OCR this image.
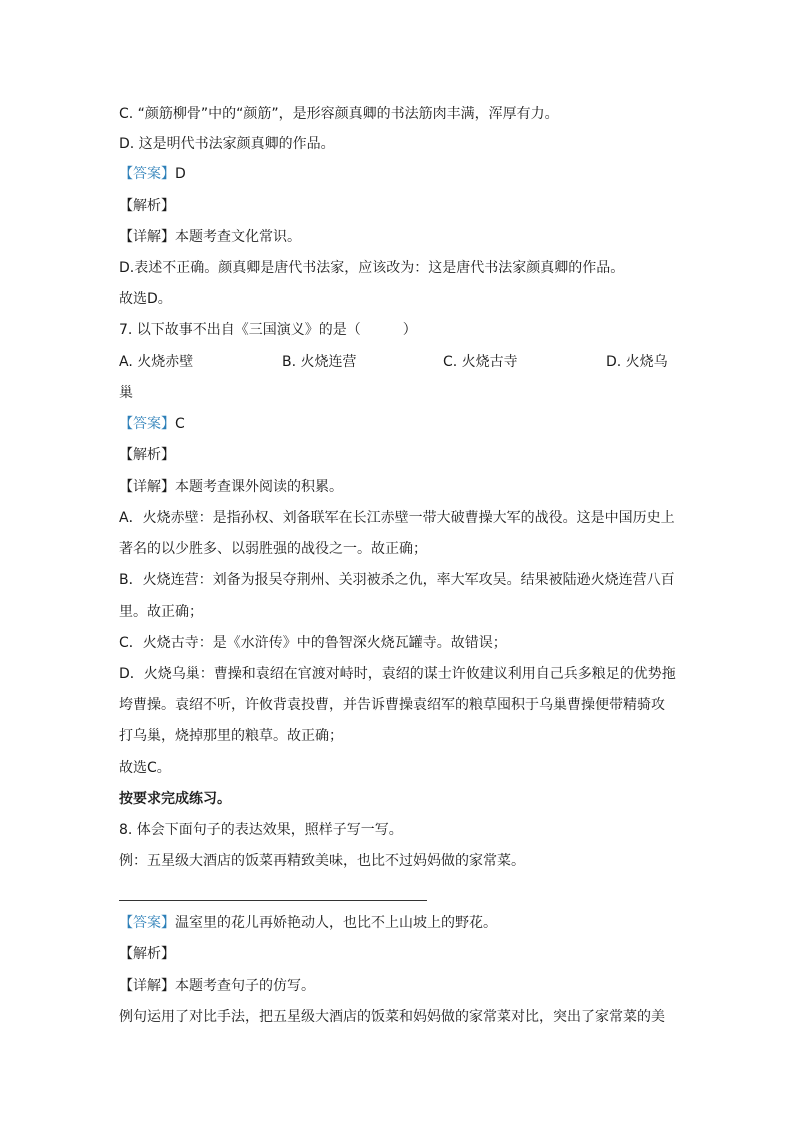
C. “颜筋柳骨”中的“颜筋”，是形容颜真卿的书法筋肉丰满，浑厚有力。
D. 这是明代书法家颜真卿的作品。
【答案】D
【解析】
【详解】本题考查文化常识。
D.表述不正确。颜真卿是唐代书法家，应该改为：这是唐代书法家颜真卿的作品。
故选D。
7. 以下故事不出自《三国演义》的是（　　　）
A. 火烧赤壁	B. 火烧连营	C. 火烧古寺	D. 火烧乌
巢
【答案】C
【解析】
【详解】本题考查课外阅读的积累。
A．火烧赤壁：是指孙权、刘备联军在长江赤壁一带大破曹操大军的战役。这是中国历史上
著名的以少胜多、以弱胜强的战役之一。故正确；
B．火烧连营：刘备为报吴夺荆州、关羽被杀之仇，率大军攻吴。结果被陆逊火烧连营八百
里。故正确；
C．火烧古寺：是《水浒传》中的鲁智深火烧瓦罐寺。故错误；
D．火烧乌巢：曹操和袁绍在官渡对峙时，袁绍的谋士许攸建议利用自己兵多粮足的优势拖
垮曹操。袁绍不听，许攸背袁投曹，并告诉曹操袁绍军的粮草囤积于乌巢曹操便带精骑攻
打乌巢，烧掉那里的粮草。故正确；
故选C。
按要求完成练习。
8. 体会下面句子的表达效果，照样子写一写。
例：五星级大酒店的饭菜再精致美味，也比不过妈妈做的家常菜。
【答案】温室里的花儿再娇艳动人，也比不上山坡上的野花。
【解析】
【详解】本题考查句子的仿写。
例句运用了对比手法，把五星级大酒店的饭菜和妈妈做的家常菜对比，突出了家常菜的美
